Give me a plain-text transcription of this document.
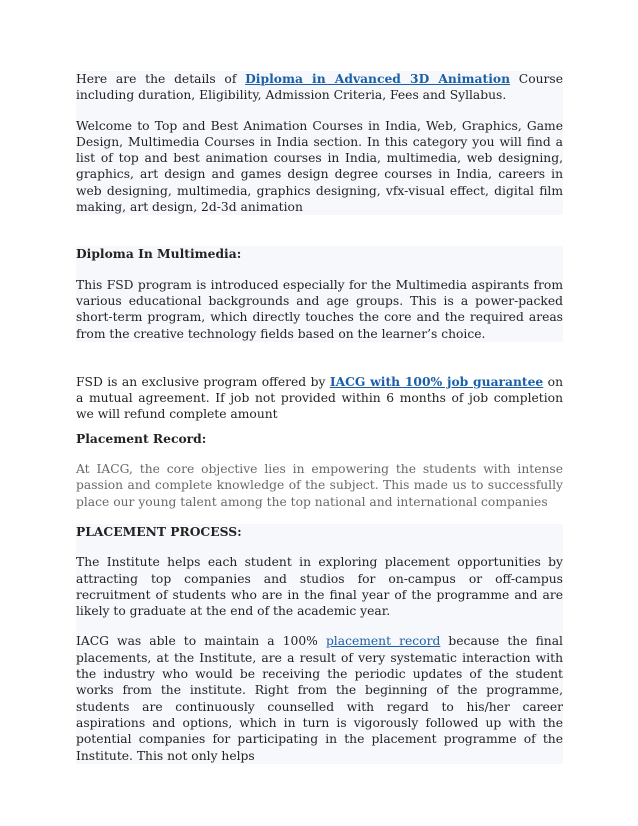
Here are the details of Diploma in Advanced 3D Animation Course including duration, Eligibility, Admission Criteria, Fees and Syllabus.

Welcome to Top and Best Animation Courses in India, Web, Graphics, Game Design, Multimedia Courses in India section. In this category you will find a list of top and best animation courses in India, multimedia, web designing, graphics, art design and games design degree courses in India, careers in web designing, multimedia, graphics designing, vfx-visual effect, digital film making, art design, 2d-3d animation

Diploma In Multimedia:

This FSD program is introduced especially for the Multimedia aspirants from various educational backgrounds and age groups. This is a power-packed short-term program, which directly touches the core and the required areas from the creative technology fields based on the learner’s choice.

FSD is an exclusive program offered by IACG with 100% job guarantee on a mutual agreement. If job not provided within 6 months of job completion we will refund complete amount

Placement Record:

At IACG, the core objective lies in empowering the students with intense passion and complete knowledge of the subject. This made us to successfully place our young talent among the top national and international companies

PLACEMENT PROCESS:

The Institute helps each student in exploring placement opportunities by attracting top companies and studios for on-campus or off-campus recruitment of students who are in the final year of the programme and are likely to graduate at the end of the academic year.

IACG was able to maintain a 100% placement record because the final placements, at the Institute, are a result of very systematic interaction with the industry who would be receiving the periodic updates of the student works from the institute. Right from the beginning of the programme, students are continuously counselled with regard to his/her career aspirations and options, which in turn is vigorously followed up with the potential companies for participating in the placement programme of the Institute. This not only helps
